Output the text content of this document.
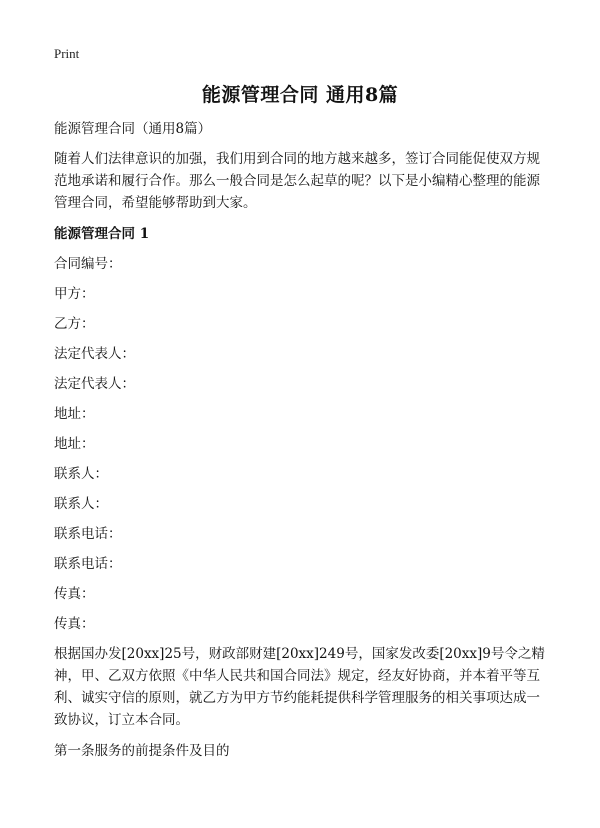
Print
能源管理合同 通用8篇

能源管理合同（通用8篇）

随着人们法律意识的加强，我们用到合同的地方越来越多，签订合同能促使双方规范地承诺和履行合作。那么一般合同是怎么起草的呢？以下是小编精心整理的能源管理合同，希望能够帮助到大家。

能源管理合同 1

合同编号：

甲方：

乙方：

法定代表人：

法定代表人：

地址：

地址：

联系人：

联系人：

联系电话：

联系电话：

传真：

传真：

根据国办发[20xx]25号，财政部财建[20xx]249号，国家发改委[20xx]9号令之精神，甲、乙双方依照《中华人民共和国合同法》规定，经友好协商，并本着平等互利、诚实守信的原则，就乙方为甲方节约能耗提供科学管理服务的相关事项达成一致协议，订立本合同。

第一条服务的前提条件及目的
